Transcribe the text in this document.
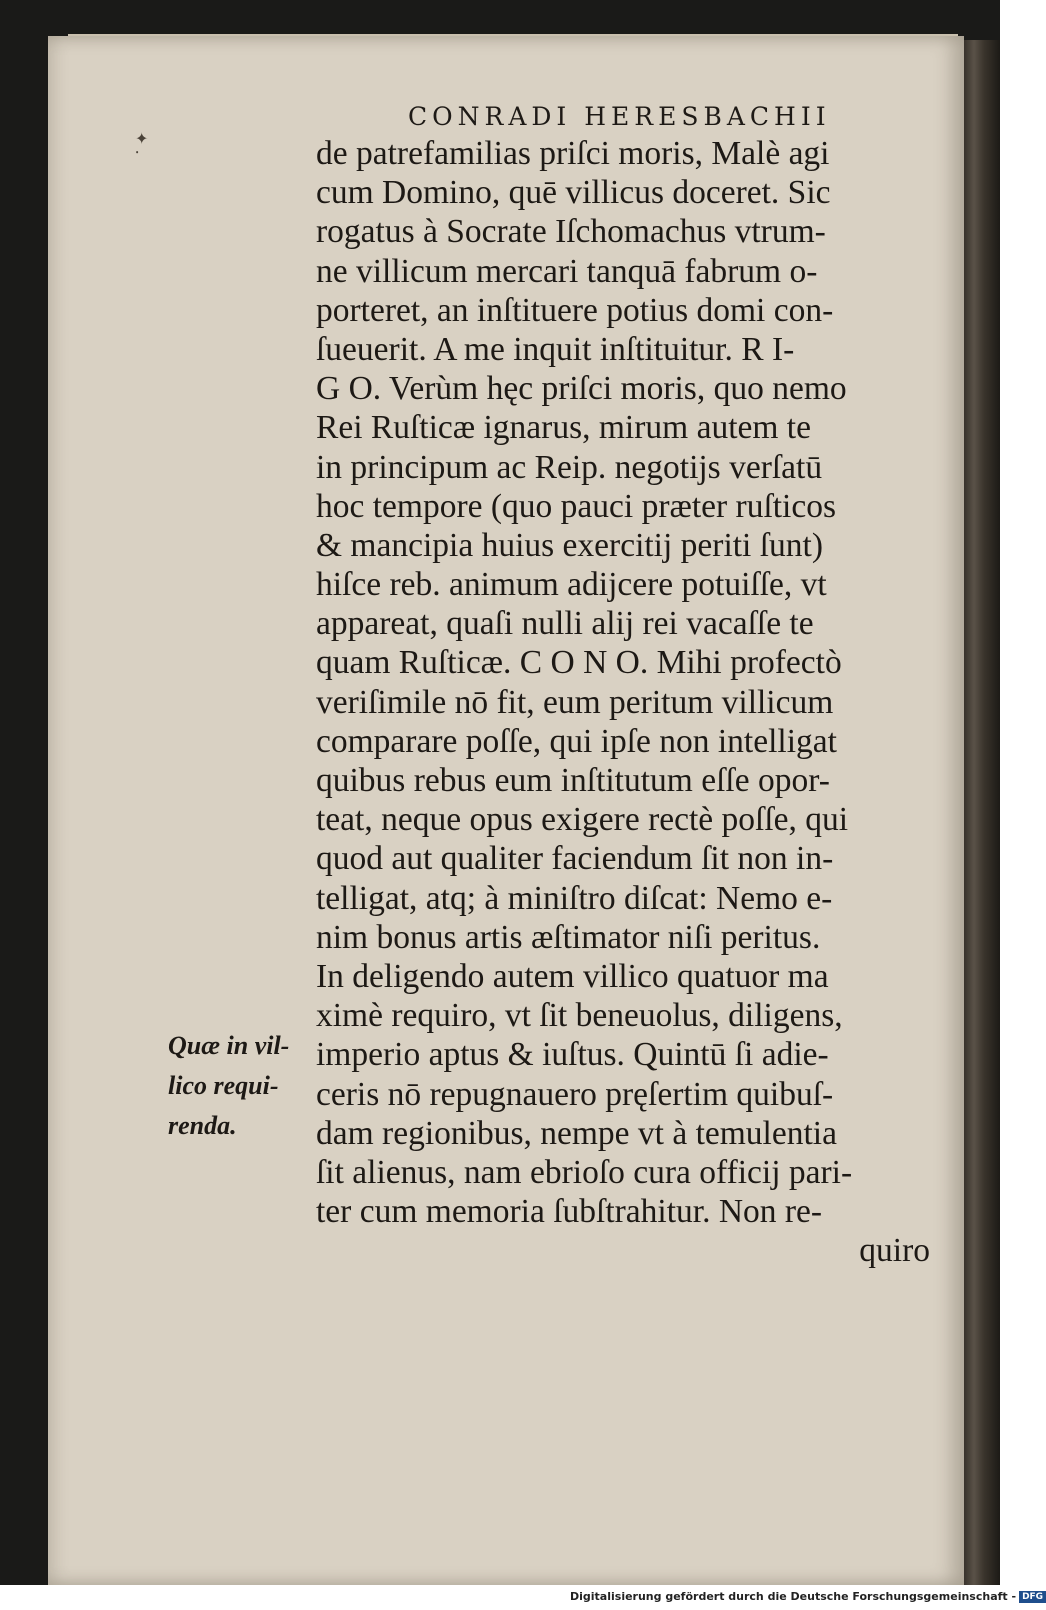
✦
⸱
CONRADI HERESBACHII
de patrefamilias priſci moris, Malè agi
cum Domino, quē villicus doceret. Sic
rogatus à Socrate Iſchomachus vtrum-
ne villicum mercari tanquā fabrum o-
porteret, an inſtituere potius domi con-
ſueuerit. A me inquit inſtituitur. R I-
G O. Verùm hęc priſci moris, quo nemo
Rei Ruſticæ ignarus, mirum autem te
in principum ac Reip. negotijs verſatū
hoc tempore (quo pauci præter ruſticos
& mancipia huius exercitij periti ſunt)
hiſce reb. animum adijcere potuiſſe, vt
appareat, quaſi nulli alij rei vacaſſe te
quam Ruſticæ. C O N O. Mihi profectò
veriſimile nō fit, eum peritum villicum
comparare poſſe, qui ipſe non intelligat
quibus rebus eum inſtitutum eſſe opor-
teat, neque opus exigere rectè poſſe, qui
quod aut qualiter faciendum ſit non in-
telligat, atq; à miniſtro diſcat: Nemo e-
nim bonus artis æſtimator niſi peritus.
In deligendo autem villico quatuor ma
ximè requiro, vt ſit beneuolus, diligens,
imperio aptus & iuſtus. Quintū ſi adie-
ceris nō repugnauero pręſertim quibuſ-
dam regionibus, nempe vt à temulentia
ſit alienus, nam ebrioſo cura officij pari-
ter cum memoria ſubſtrahitur. Non re-
quiro
Quæ in vil-
lico requi-
renda.
Digitalisierung gefördert durch die Deutsche Forschungsgemeinschaft - DFG
